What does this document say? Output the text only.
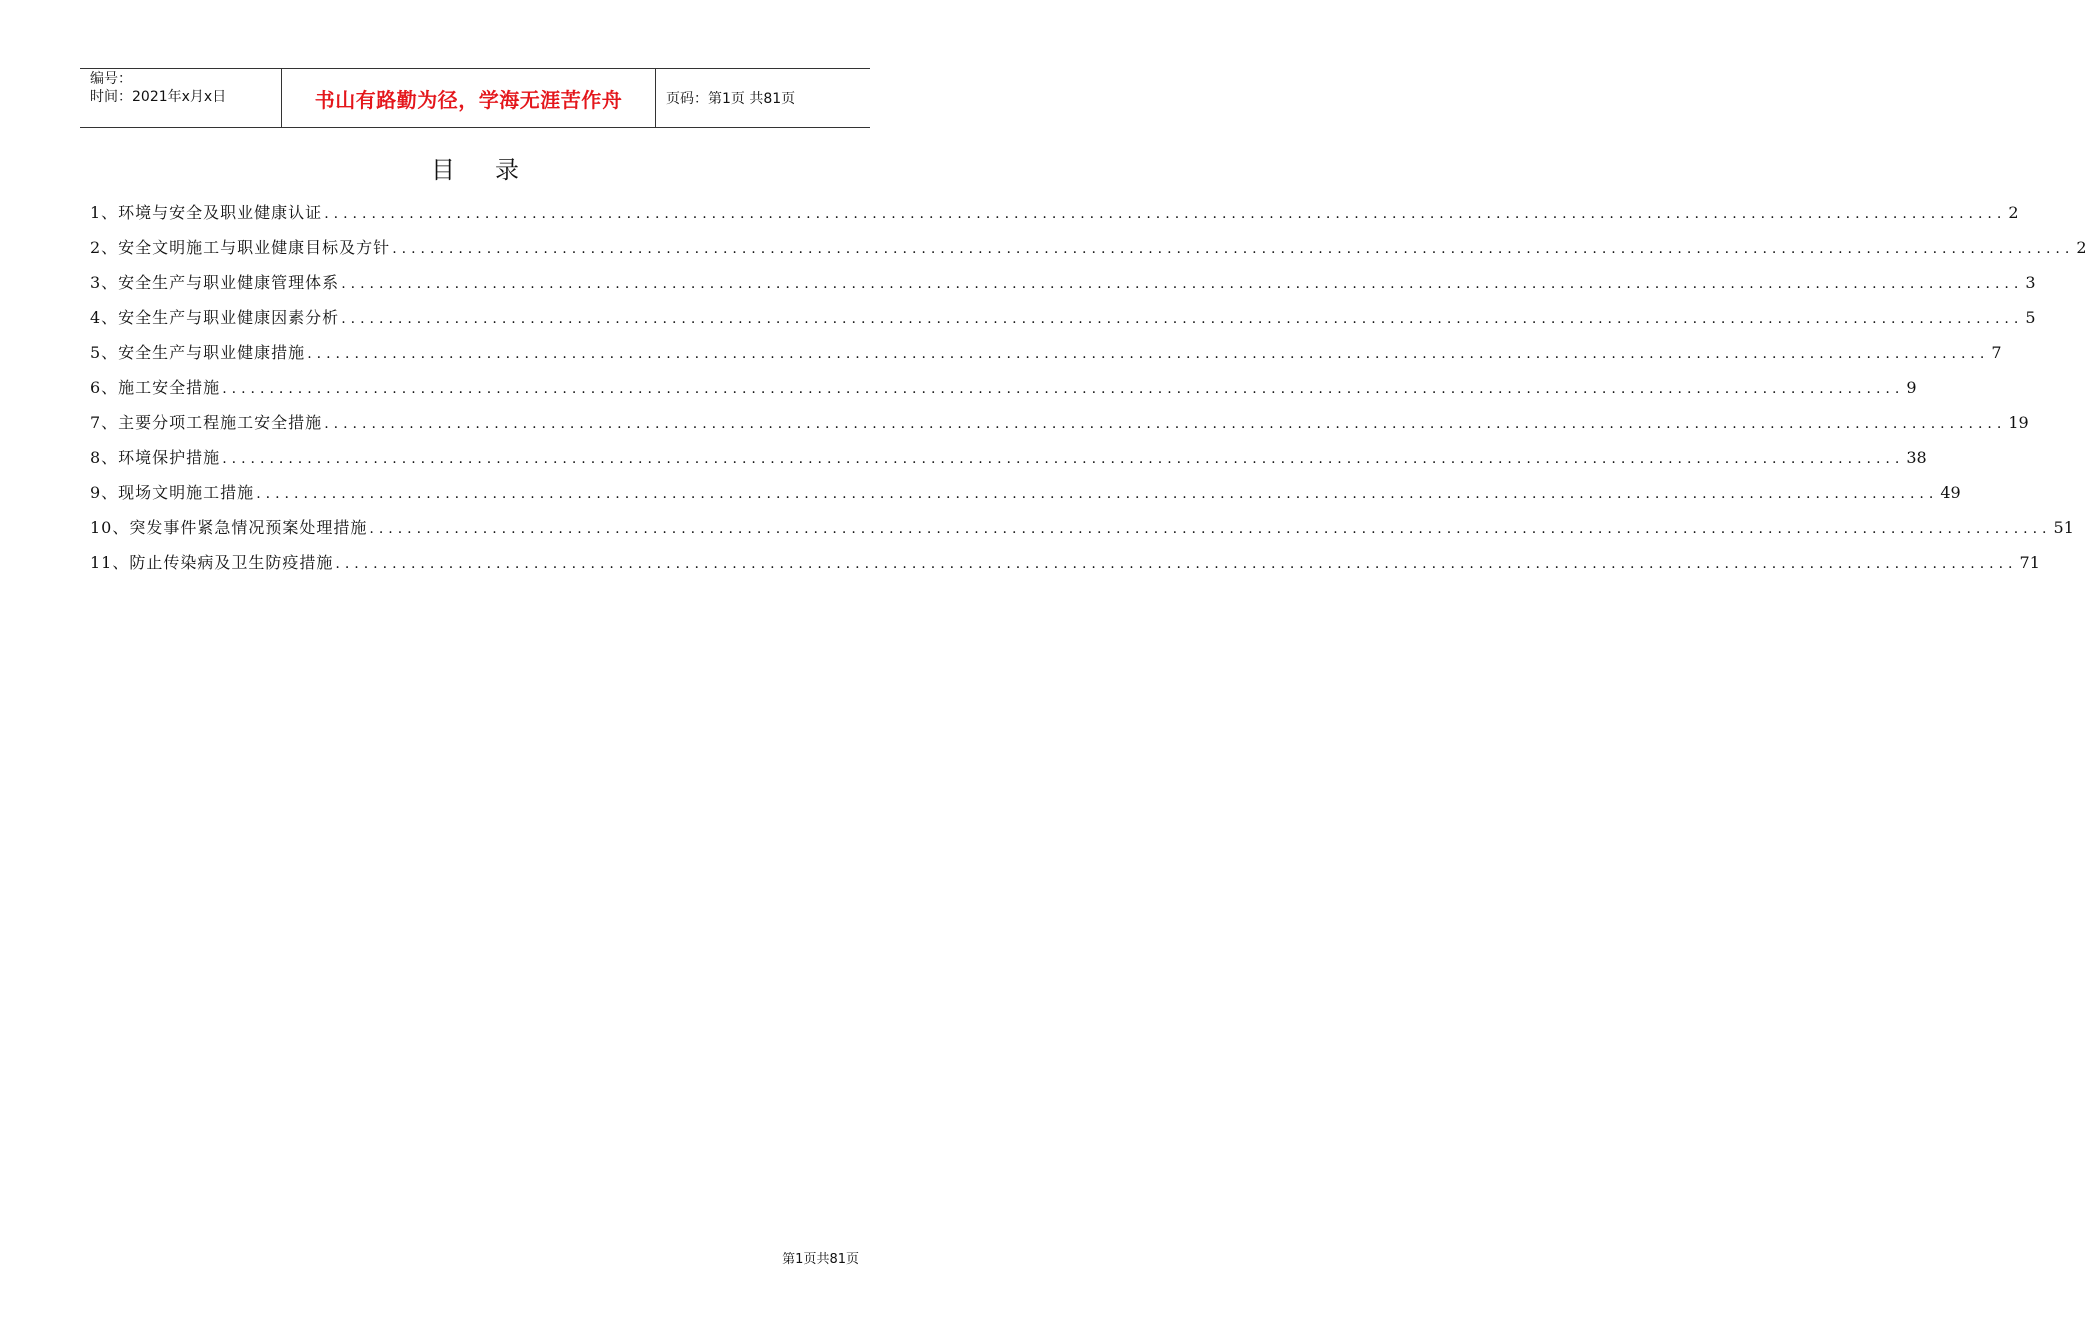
编号：
时间：2021年x月x日	书山有路勤为径，学海无涯苦作舟	页码：第1页 共81页
目录
1、环境与安全及职业健康认证 .................................................................................................................................................................................. 2
2、安全文明施工与职业健康目标及方针 .................................................................................................................................................................................. 2
3、安全生产与职业健康管理体系 .................................................................................................................................................................................. 3
4、安全生产与职业健康因素分析 .................................................................................................................................................................................. 5
5、安全生产与职业健康措施 .................................................................................................................................................................................. 7
6、施工安全措施 .................................................................................................................................................................................. 9
7、主要分项工程施工安全措施 .................................................................................................................................................................................. 19
8、环境保护措施 .................................................................................................................................................................................. 38
9、现场文明施工措施 .................................................................................................................................................................................. 49
10、突发事件紧急情况预案处理措施 .................................................................................................................................................................................. 51
11、防止传染病及卫生防疫措施 .................................................................................................................................................................................. 71
第1页共81页
